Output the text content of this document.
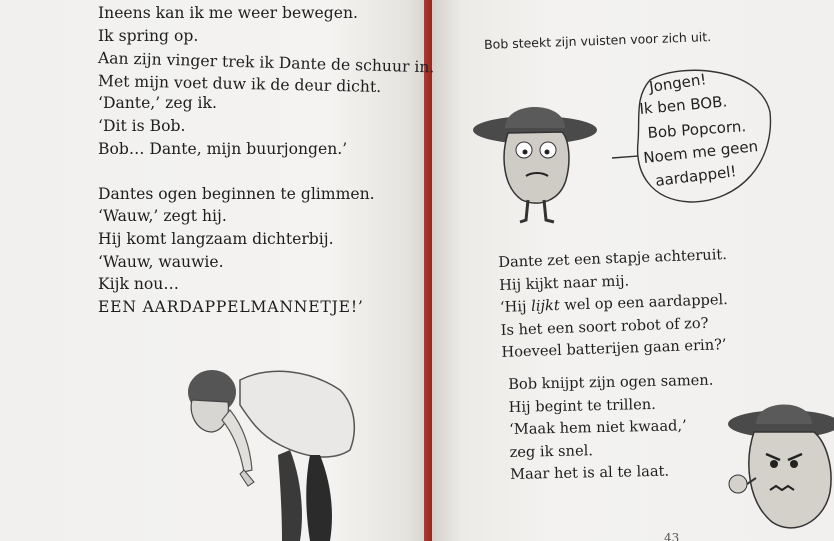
Ineens kan ik me weer bewegen.
Ik spring op.
Aan zijn vinger trek ik Dante de schuur in.
Met mijn voet duw ik de deur dicht.
‘Dante,’ zeg ik.
‘Dit is Bob.
Bob… Dante, mijn buurjongen.’
Dantes ogen beginnen te glimmen.
‘Wauw,’ zegt hij.
Hij komt langzaam dichterbij.
‘Wauw, wauwie.
Kijk nou…
EEN AARDAPPELMANNETJE!’
Bob steekt zijn vuisten voor zich uit.
Jongen!
Ik ben BOB.
Bob Popcorn.
Noem me geen
aardappel!
Dante zet een stapje achteruit.
Hij kijkt naar mij.
‘Hij lijkt wel op een aardappel.
Is het een soort robot of zo?
Hoeveel batterijen gaan erin?’
Bob knijpt zijn ogen samen.
Hij begint te trillen.
‘Maak hem niet kwaad,’
zeg ik snel.
Maar het is al te laat.
43
